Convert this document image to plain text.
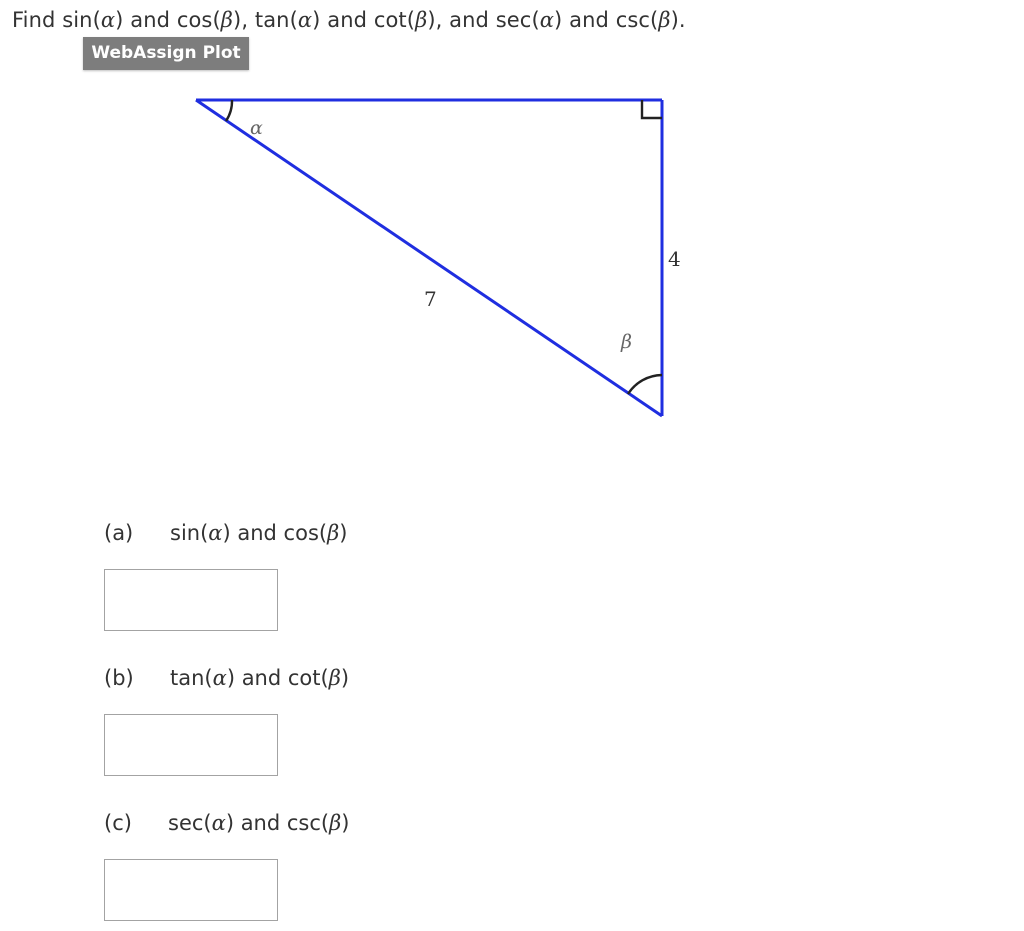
Find sin(α) and cos(β), tan(α) and cot(β), and sec(α) and csc(β).
WebAssign Plot
α
7
4
β
(a) sin(α) and cos(β)
(b) tan(α) and cot(β)
(c) sec(α) and csc(β)
